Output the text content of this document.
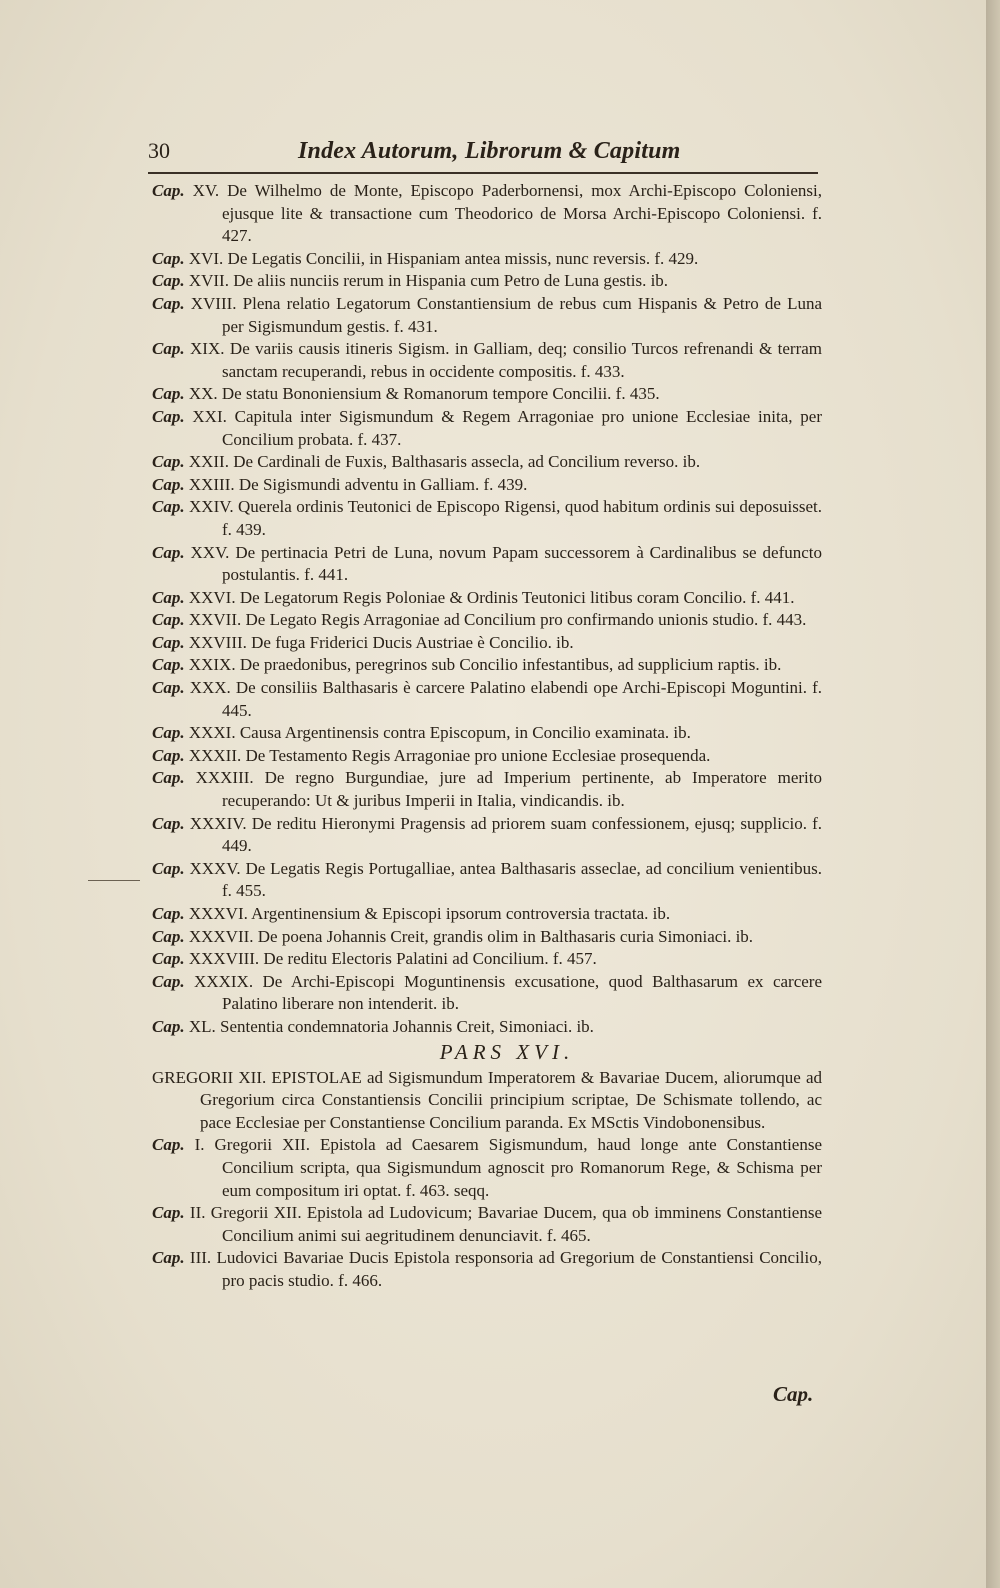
30	Index Autorum, Librorum & Capitum
Cap. XV. De Wilhelmo de Monte, Episcopo Paderbornensi, mox Archi-Episcopo Coloniensi, ejusque lite & transactione cum Theodorico de Morsa Archi-Episcopo Coloniensi. f. 427.
Cap. XVI. De Legatis Concilii, in Hispaniam antea missis, nunc reversis. f. 429.
Cap. XVII. De aliis nunciis rerum in Hispania cum Petro de Luna gestis. ib.
Cap. XVIII. Plena relatio Legatorum Constantiensium de rebus cum Hispanis & Petro de Luna per Sigismundum gestis. f. 431.
Cap. XIX. De variis causis itineris Sigism. in Galliam, deq; consilio Turcos refrenandi & terram sanctam recuperandi, rebus in occidente compositis. f. 433.
Cap. XX. De statu Bononiensium & Romanorum tempore Concilii. f. 435.
Cap. XXI. Capitula inter Sigismundum & Regem Arragoniae pro unione Ecclesiae inita, per Concilium probata. f. 437.
Cap. XXII. De Cardinali de Fuxis, Balthasaris asseclа, ad Concilium reverso. ib.
Cap. XXIII. De Sigismundi adventu in Galliam. f. 439.
Cap. XXIV. Querela ordinis Teutonici de Episcopo Rigensi, quod habitum ordinis sui deposuisset. f. 439.
Cap. XXV. De pertinacia Petri de Luna, novum Papam successorem à Cardinalibus se defuncto postulantis. f. 441.
Cap. XXVI. De Legatorum Regis Poloniae & Ordinis Teutonici litibus coram Concilio. f. 441.
Cap. XXVII. De Legato Regis Arragoniae ad Concilium pro confirmando unionis studio. f. 443.
Cap. XXVIII. De fuga Friderici Ducis Austriae è Concilio. ib.
Cap. XXIX. De praedonibus, peregrinos sub Concilio infestantibus, ad supplicium raptis. ib.
Cap. XXX. De consiliis Balthasaris è carcere Palatino elabendi ope Archi-Episcopi Moguntini. f. 445.
Cap. XXXI. Causa Argentinensis contra Episcopum, in Concilio examinata. ib.
Cap. XXXII. De Testamento Regis Arragoniae pro unione Ecclesiae prosequenda.
Cap. XXXIII. De regno Burgundiae, jure ad Imperium pertinente, ab Imperatore merito recuperando: Ut & juribus Imperii in Italia, vindicandis. ib.
Cap. XXXIV. De reditu Hieronymi Pragensis ad priorem suam confessionem, ejusq; supplicio. f. 449.
Cap. XXXV. De Legatis Regis Portugalliae, antea Balthasaris asseclae, ad concilium venientibus. f. 455.
Cap. XXXVI. Argentinensium & Episcopi ipsorum controversia tractata. ib.
Cap. XXXVII. De poena Johannis Creit, grandis olim in Balthasaris curia Simoniaci. ib.
Cap. XXXVIII. De reditu Electoris Palatini ad Concilium. f. 457.
Cap. XXXIX. De Archi-Episcopi Moguntinensis excusatione, quod Balthasarum ex carcere Palatino liberare non intenderit. ib.
Cap. XL. Sententia condemnatoria Johannis Creit, Simoniaci. ib.
PARS XVI.
GREGORII XII. EPISTOLAE ad Sigismundum Imperatorem & Bavariae Ducem, aliorumque ad Gregorium circa Constantiensis Concilii principium scriptae, De Schismate tollendo, ac pace Ecclesiae per Constantiense Concilium paranda. Ex MSctis Vindobonensibus.
Cap. I. Gregorii XII. Epistola ad Caesarem Sigismundum, haud longe ante Constantiense Concilium scripta, qua Sigismundum agnoscit pro Romanorum Rege, & Schisma per eum compositum iri optat. f. 463. seqq.
Cap. II. Gregorii XII. Epistola ad Ludovicum; Bavariae Ducem, qua ob imminens Constantiense Concilium animi sui aegritudinem denunciavit. f. 465.
Cap. III. Ludovici Bavariae Ducis Epistola responsoria ad Gregorium de Constantiensi Concilio, pro pacis studio. f. 466.
Cap.
